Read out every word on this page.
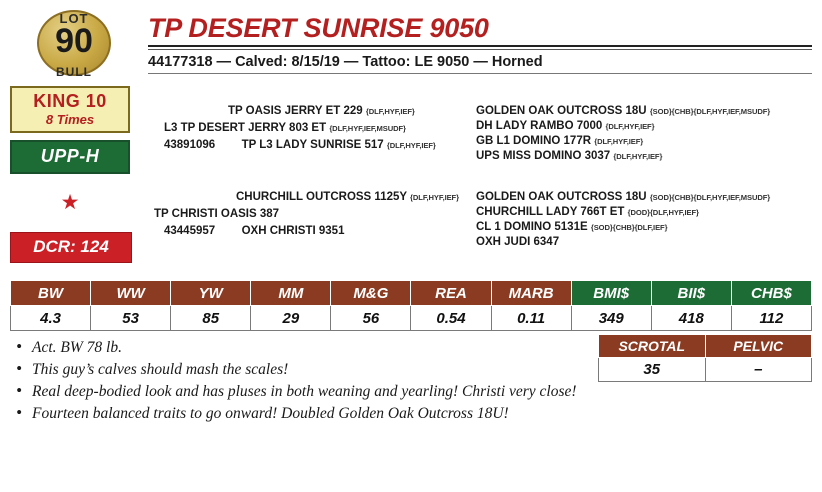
LOT
90
BULL
KING 10
8 Times
UPP-H
★
DCR: 124
TP DESERT SUNRISE 9050
44177318 — Calved: 8/15/19 — Tattoo: LE 9050 — Horned
TP OASIS JERRY ET 229 {DLF,HYF,IEF}
L3 TP DESERT JERRY 803 ET {DLF,HYF,IEF,MSUDF}
43891096 TP L3 LADY SUNRISE 517 {DLF,HYF,IEF}
GOLDEN OAK OUTCROSS 18U {SOD}{CHB}{DLF,HYF,IEF,MSUDF}
DH LADY RAMBO 7000 {DLF,HYF,IEF}
GB L1 DOMINO 177R {DLF,HYF,IEF}
UPS MISS DOMINO 3037 {DLF,HYF,IEF}
CHURCHILL OUTCROSS 1125Y {DLF,HYF,IEF}
TP CHRISTI OASIS 387
43445957 OXH CHRISTI 9351
GOLDEN OAK OUTCROSS 18U {SOD}{CHB}{DLF,HYF,IEF,MSUDF}
CHURCHILL LADY 766T ET {DOD}{DLF,HYF,IEF}
CL 1 DOMINO 5131E {SOD}{CHB}{DLF,IEF}
OXH JUDI 6347
BW	WW	YW	MM	M&G	REA	MARB	BMI$	BII$	CHB$
4.3	53	85	29	56	0.54	0.11	349	418	112
SCROTAL	PELVIC
35	–
• Act. BW 78 lb.
• This guy’s calves should mash the scales!
• Real deep-bodied look and has pluses in both weaning and yearling! Christi very close!
• Fourteen balanced traits to go onward! Doubled Golden Oak Outcross 18U!
